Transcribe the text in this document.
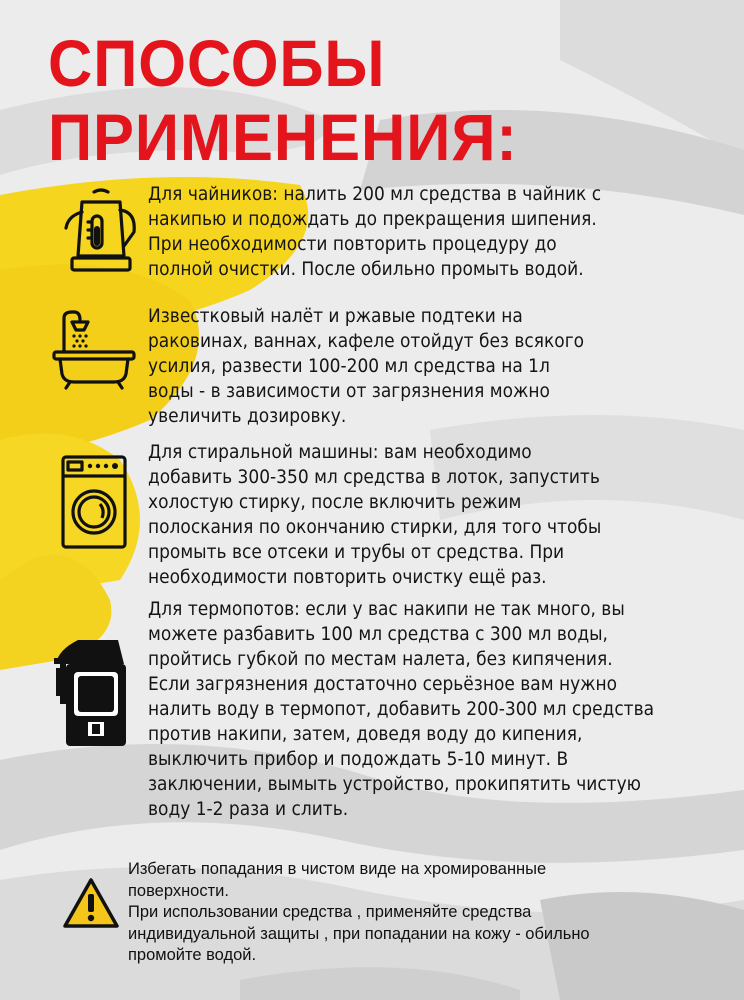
СПОСОБЫ
ПРИМЕНЕНИЯ:
Для чайников: налить 200 мл средства в чайник с
накипью и подождать до прекращения шипения.
При необходимости повторить процедуру до
полной очистки. После обильно промыть водой.
Известковый налёт и ржавые подтеки на
раковинах, ваннах, кафеле отойдут без всякого
усилия, развести 100-200 мл средства на 1л
воды - в зависимости от загрязнения можно
увеличить дозировку.
Для стиральной машины: вам необходимо
добавить 300-350 мл средства в лоток, запустить
холостую стирку, после включить режим
полоскания по окончанию стирки, для того чтобы
промыть все отсеки и трубы от средства. При
необходимости повторить очистку ещё раз.
Для термопотов: если у вас накипи не так много, вы
можете разбавить 100 мл средства с 300 мл воды,
пройтись губкой по местам налета, без кипячения.
Если загрязнения достаточно серьёзное вам нужно
налить воду в термопот, добавить 200-300 мл средства
против накипи, затем, доведя воду до кипения,
выключить прибор и подождать 5-10 минут. В
заключении, вымыть устройство, прокипятить чистую
воду 1-2 раза и слить.
Избегать попадания в чистом виде на хромированные
поверхности.
При использовании средства , применяйте средства
индивидуальной защиты , при попадании на кожу - обильно
промойте водой.
